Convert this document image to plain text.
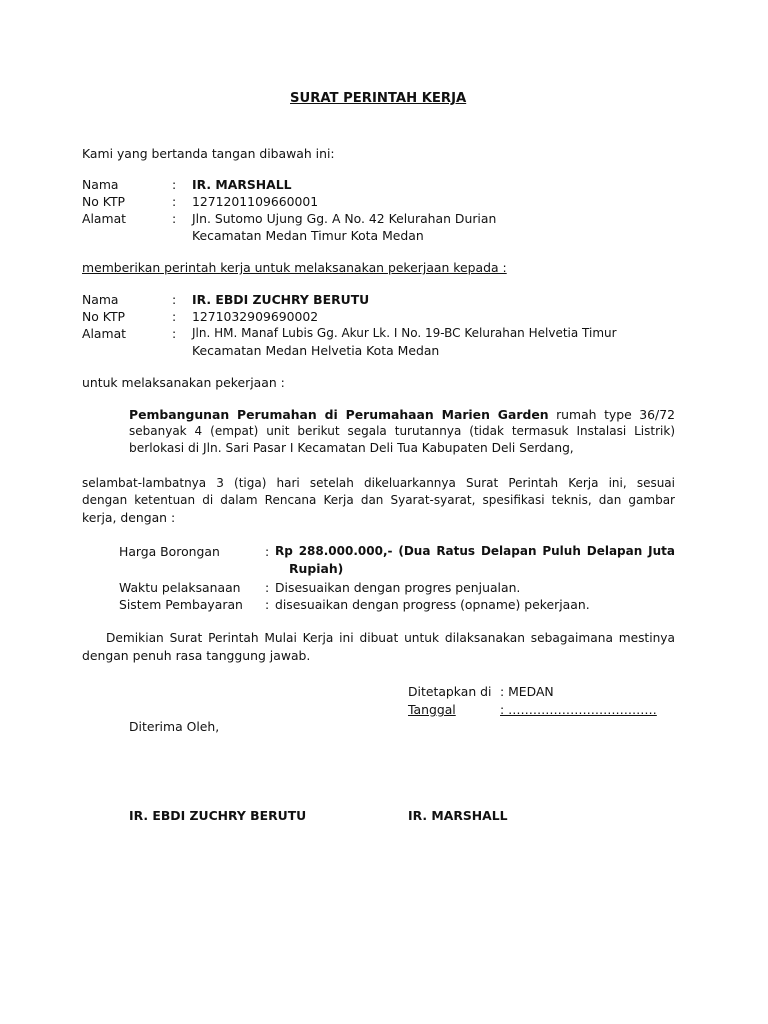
SURAT PERINTAH KERJA
Kami yang bertanda tangan dibawah ini:
Nama	:	IR. MARSHALL
No KTP	:	1271201109660001
Alamat	:	Jln. Sutomo Ujung Gg. A No. 42 Kelurahan Durian
Kecamatan Medan Timur Kota Medan
memberikan perintah kerja untuk melaksanakan pekerjaan kepada :
Nama	:	IR. EBDI ZUCHRY BERUTU
No KTP	:	1271032909690002
Alamat	:	Jln. HM. Manaf Lubis Gg. Akur Lk. I No. 19-BC Kelurahan Helvetia Timur
Kecamatan Medan Helvetia Kota Medan
untuk melaksanakan pekerjaan :
Pembangunan Perumahan di Perumahaan Marien Garden rumah type 36/72
sebanyak 4 (empat) unit berikut segala turutannya (tidak termasuk Instalasi Listrik)
berlokasi di Jln. Sari Pasar I Kecamatan Deli Tua Kabupaten Deli Serdang,
selambat-lambatnya 3 (tiga) hari setelah dikeluarkannya Surat Perintah Kerja ini, sesuai
dengan ketentuan di dalam Rencana Kerja dan Syarat-syarat, spesifikasi teknis, dan gambar
kerja, dengan :
Harga Borongan	: Rp 288.000.000,- (Dua Ratus Delapan Puluh Delapan Juta
Rupiah)
Waktu pelaksanaan : Disesuaikan dengan progres penjualan.
Sistem Pembayaran : disesuaikan dengan progress (opname) pekerjaan.
Demikian Surat Perintah Mulai Kerja ini dibuat untuk dilaksanakan sebagaimana mestinya
dengan penuh rasa tanggung jawab.
Ditetapkan di : MEDAN
Tanggal	: ………………………………
Diterima Oleh,
IR. EBDI ZUCHRY BERUTU	IR. MARSHALL
